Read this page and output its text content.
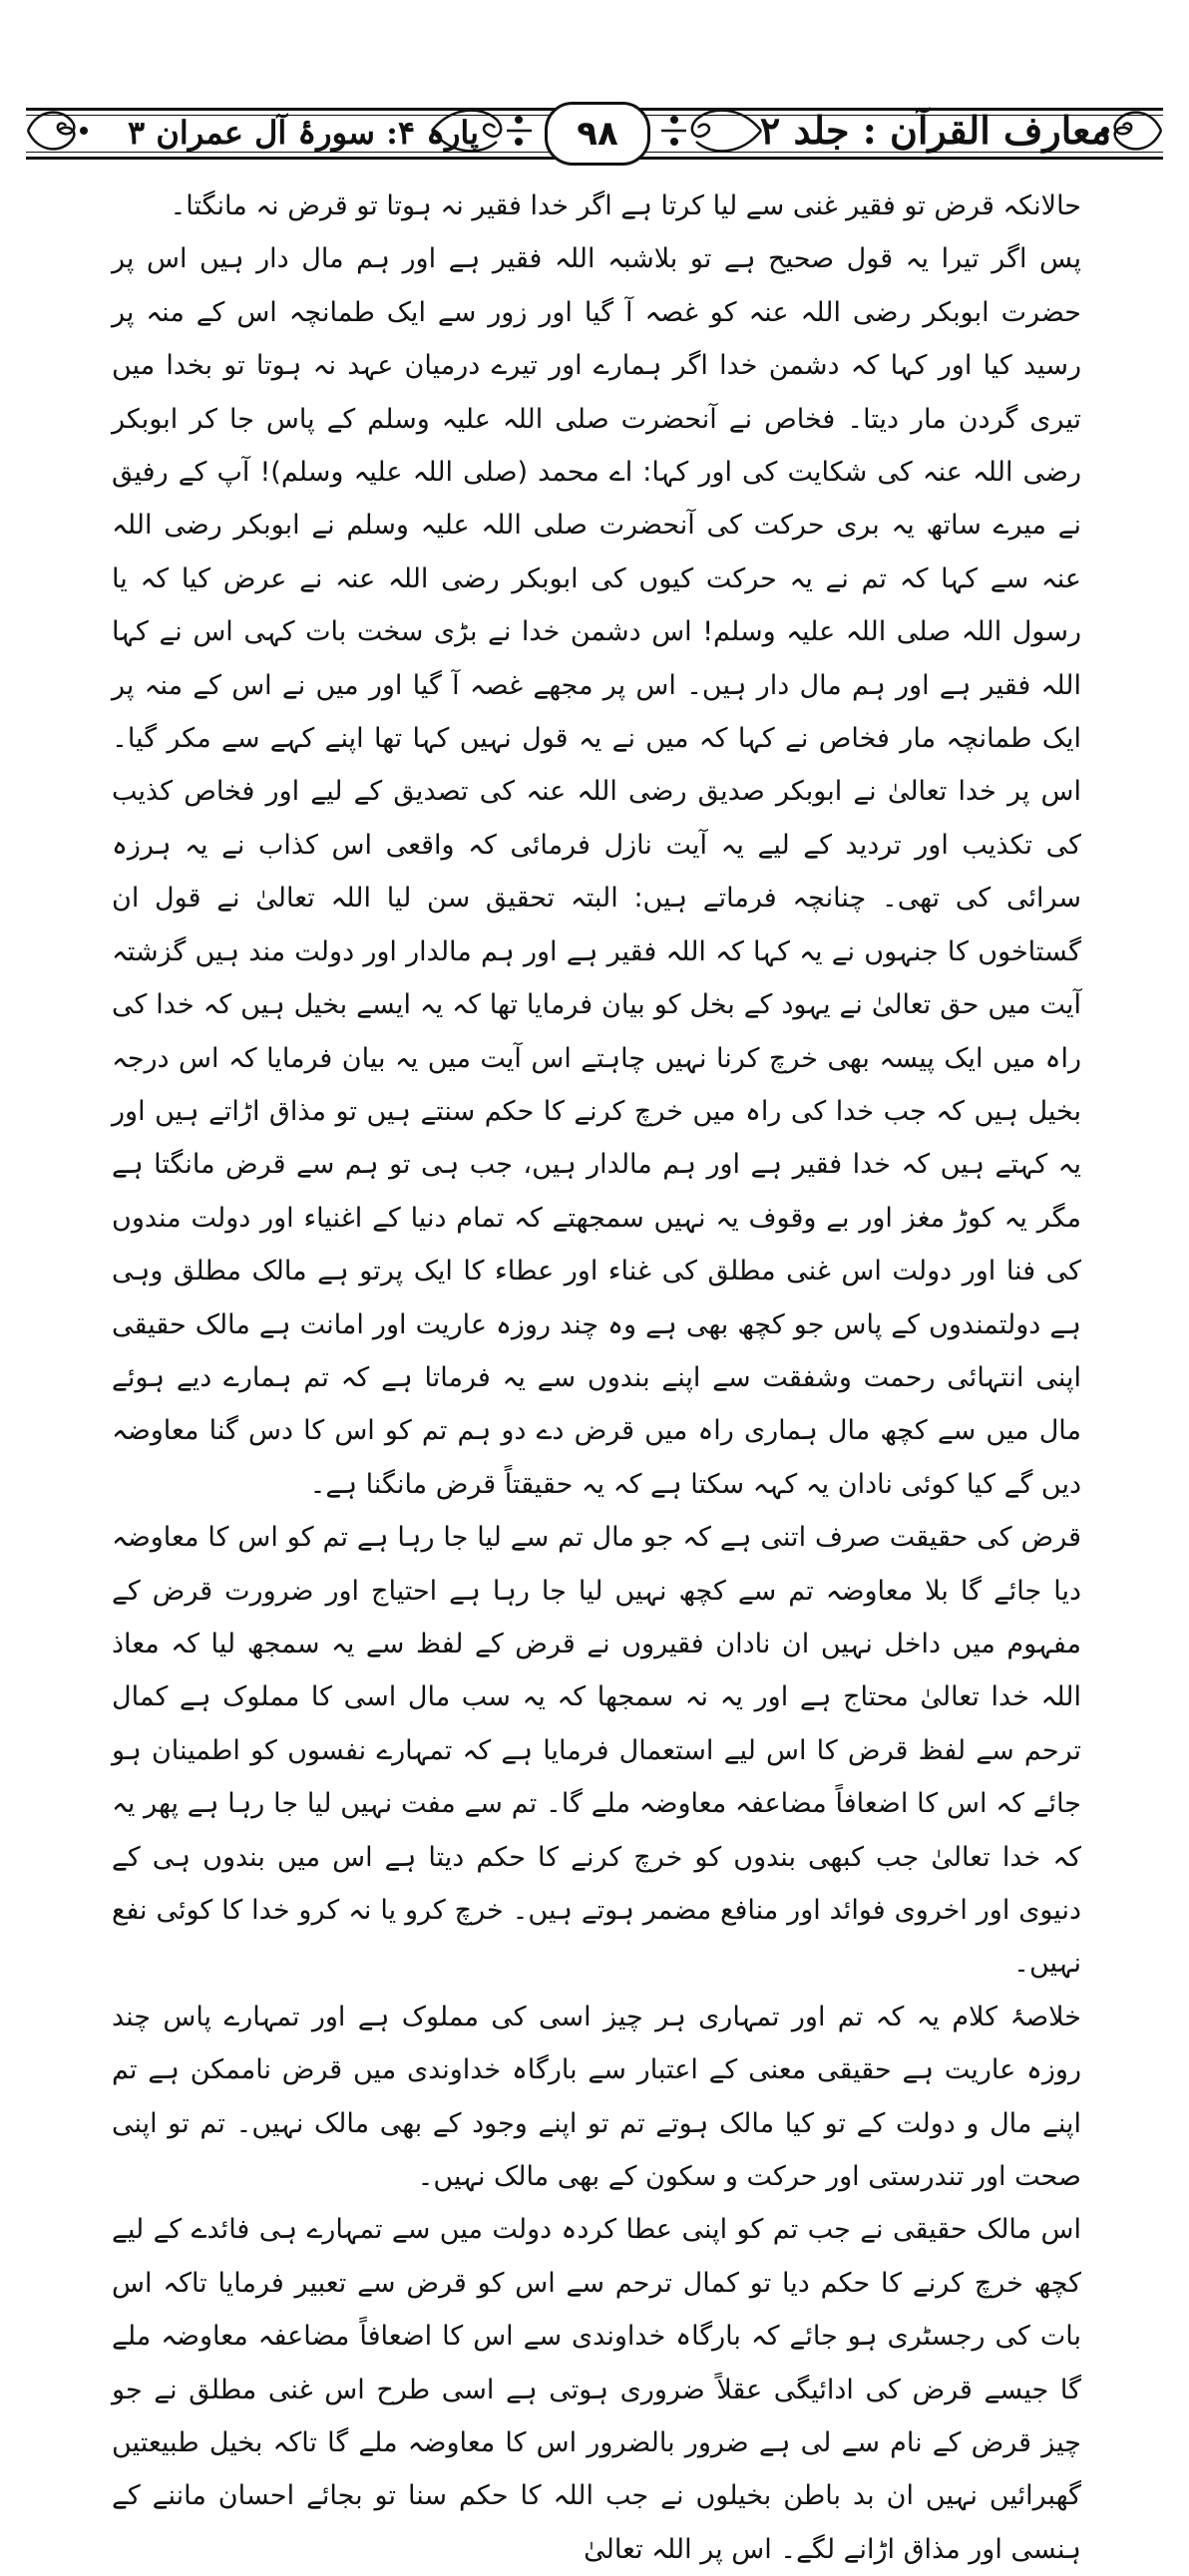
معارف القرآن : جلد ۲
۹۸
پارہ ۴: سورۂ آل عمران ۳

حالانکہ قرض تو فقیر غنی سے لیا کرتا ہے اگر خدا فقیر نہ ہوتا تو قرض نہ مانگتا۔

پس اگر تیرا یہ قول صحیح ہے تو بلاشبہ اللہ فقیر ہے اور ہم مال دار ہیں اس پر حضرت ابوبکر رضی اللہ عنہ کو غصہ آ گیا اور زور سے ایک طمانچہ اس کے منہ پر رسید کیا اور کہا کہ دشمن خدا اگر ہمارے اور تیرے درمیان عہد نہ ہوتا تو بخدا میں تیری گردن مار دیتا۔ فخاص نے آنحضرت صلی اللہ علیہ وسلم کے پاس جا کر ابوبکر رضی اللہ عنہ کی شکایت کی اور کہا: اے محمد (صلی اللہ علیہ وسلم)! آپ کے رفیق نے میرے ساتھ یہ بری حرکت کی آنحضرت صلی اللہ علیہ وسلم نے ابوبکر رضی اللہ عنہ سے کہا کہ تم نے یہ حرکت کیوں کی ابوبکر رضی اللہ عنہ نے عرض کیا کہ یا رسول اللہ صلی اللہ علیہ وسلم! اس دشمن خدا نے بڑی سخت بات کہی اس نے کہا اللہ فقیر ہے اور ہم مال دار ہیں۔ اس پر مجھے غصہ آ گیا اور میں نے اس کے منہ پر ایک طمانچہ مار فخاص نے کہا کہ میں نے یہ قول نہیں کہا تھا اپنے کہے سے مکر گیا۔ اس پر خدا تعالیٰ نے ابوبکر صدیق رضی اللہ عنہ کی تصدیق کے لیے اور فخاص کذیب کی تکذیب اور تردید کے لیے یہ آیت نازل فرمائی کہ واقعی اس کذاب نے یہ ہرزہ سرائی کی تھی۔ چنانچہ فرماتے ہیں: البتہ تحقیق سن لیا اللہ تعالیٰ نے قول ان گستاخوں کا جنہوں نے یہ کہا کہ اللہ فقیر ہے اور ہم مالدار اور دولت مند ہیں گزشتہ آیت میں حق تعالیٰ نے یہود کے بخل کو بیان فرمایا تھا کہ یہ ایسے بخیل ہیں کہ خدا کی راہ میں ایک پیسہ بھی خرچ کرنا نہیں چاہتے اس آیت میں یہ بیان فرمایا کہ اس درجہ بخیل ہیں کہ جب خدا کی راہ میں خرچ کرنے کا حکم سنتے ہیں تو مذاق اڑاتے ہیں اور یہ کہتے ہیں کہ خدا فقیر ہے اور ہم مالدار ہیں، جب ہی تو ہم سے قرض مانگتا ہے مگر یہ کوڑ مغز اور بے وقوف یہ نہیں سمجھتے کہ تمام دنیا کے اغنیاء اور دولت مندوں کی فنا اور دولت اس غنی مطلق کی غناء اور عطاء کا ایک پرتو ہے مالک مطلق وہی ہے دولتمندوں کے پاس جو کچھ بھی ہے وہ چند روزہ عاریت اور امانت ہے مالک حقیقی اپنی انتہائی رحمت وشفقت سے اپنے بندوں سے یہ فرماتا ہے کہ تم ہمارے دیے ہوئے مال میں سے کچھ مال ہماری راہ میں قرض دے دو ہم تم کو اس کا دس گنا معاوضہ دیں گے کیا کوئی نادان یہ کہہ سکتا ہے کہ یہ حقیقتاً قرض مانگنا ہے۔

قرض کی حقیقت صرف اتنی ہے کہ جو مال تم سے لیا جا رہا ہے تم کو اس کا معاوضہ دیا جائے گا بلا معاوضہ تم سے کچھ نہیں لیا جا رہا ہے احتیاج اور ضرورت قرض کے مفہوم میں داخل نہیں ان نادان فقیروں نے قرض کے لفظ سے یہ سمجھ لیا کہ معاذ اللہ خدا تعالیٰ محتاج ہے اور یہ نہ سمجھا کہ یہ سب مال اسی کا مملوک ہے کمال ترحم سے لفظ قرض کا اس لیے استعمال فرمایا ہے کہ تمہارے نفسوں کو اطمینان ہو جائے کہ اس کا اضعافاً مضاعفہ معاوضہ ملے گا۔ تم سے مفت نہیں لیا جا رہا ہے پھر یہ کہ خدا تعالیٰ جب کبھی بندوں کو خرچ کرنے کا حکم دیتا ہے اس میں بندوں ہی کے دنیوی اور اخروی فوائد اور منافع مضمر ہوتے ہیں۔ خرچ کرو یا نہ کرو خدا کا کوئی نفع نہیں۔

خلاصۂ کلام یہ کہ تم اور تمہاری ہر چیز اسی کی مملوک ہے اور تمہارے پاس چند روزہ عاریت ہے حقیقی معنی کے اعتبار سے بارگاہ خداوندی میں قرض ناممکن ہے تم اپنے مال و دولت کے تو کیا مالک ہوتے تم تو اپنے وجود کے بھی مالک نہیں۔ تم تو اپنی صحت اور تندرستی اور حرکت و سکون کے بھی مالک نہیں۔

اس مالک حقیقی نے جب تم کو اپنی عطا کردہ دولت میں سے تمہارے ہی فائدے کے لیے کچھ خرچ کرنے کا حکم دیا تو کمال ترحم سے اس کو قرض سے تعبیر فرمایا تاکہ اس بات کی رجسٹری ہو جائے کہ بارگاہ خداوندی سے اس کا اضعافاً مضاعفہ معاوضہ ملے گا جیسے قرض کی ادائیگی عقلاً ضروری ہوتی ہے اسی طرح اس غنی مطلق نے جو چیز قرض کے نام سے لی ہے ضرور بالضرور اس کا معاوضہ ملے گا تاکہ بخیل طبیعتیں گھبرائیں نہیں ان بد باطن بخیلوں نے جب اللہ کا حکم سنا تو بجائے احسان ماننے کے ہنسی اور مذاق اڑانے لگے۔ اس پر اللہ تعالیٰ
